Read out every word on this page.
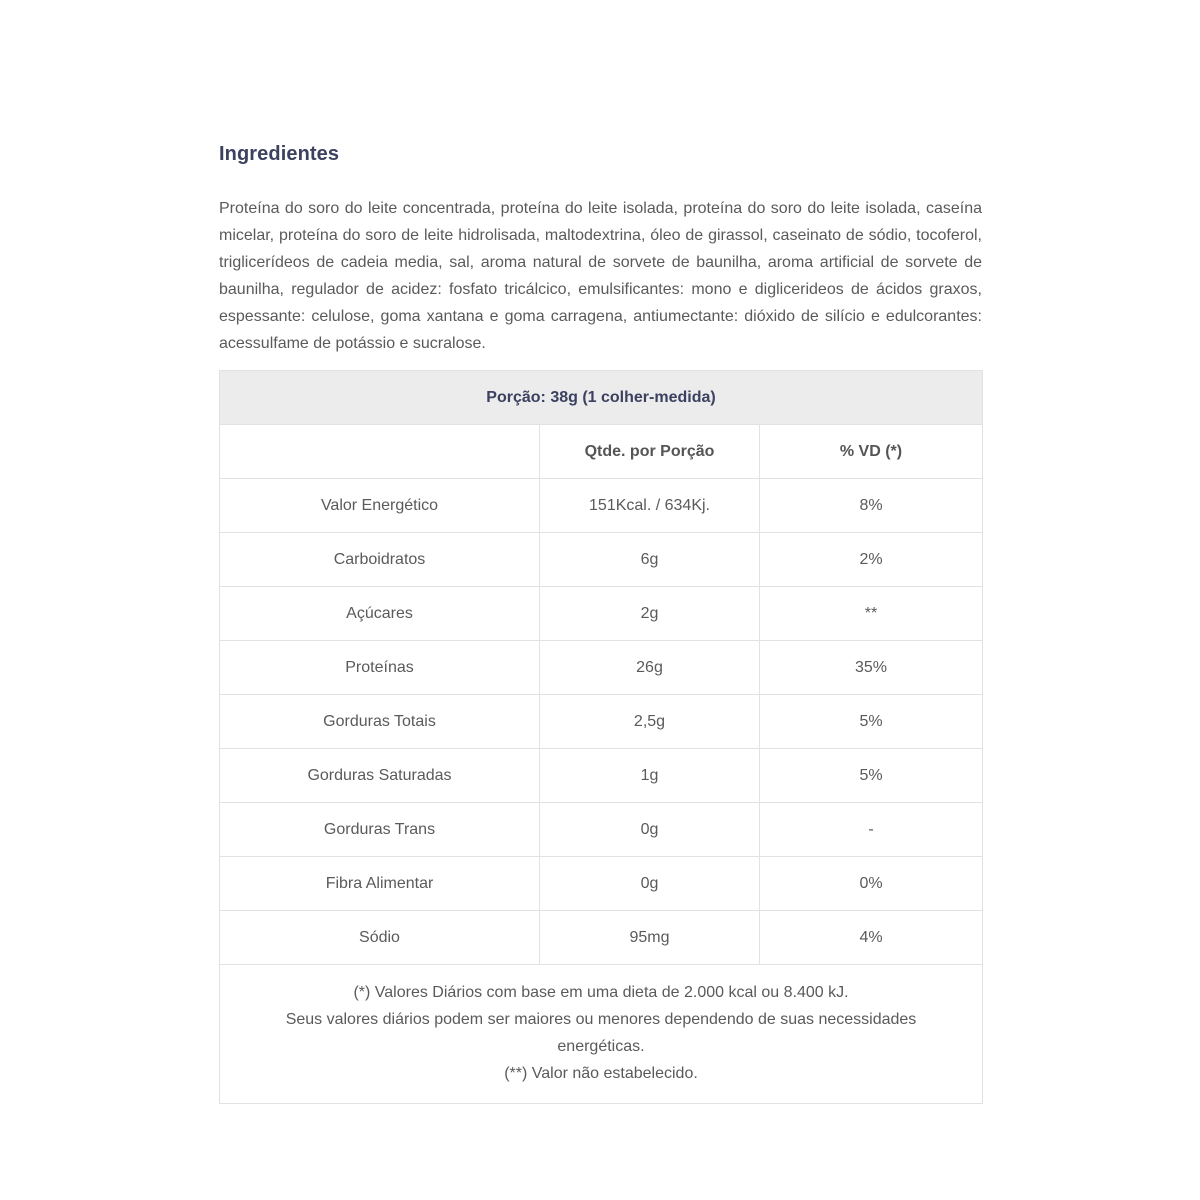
Ingredientes

Proteína do soro do leite concentrada, proteína do leite isolada, proteína do soro do leite isolada, caseína micelar, proteína do soro de leite hidrolisada, maltodextrina, óleo de girassol, caseinato de sódio, tocoferol, triglicerídeos de cadeia media, sal, aroma natural de sorvete de baunilha, aroma artificial de sorvete de baunilha, regulador de acidez: fosfato tricálcico, emulsificantes: mono e diglicerideos de ácidos graxos, espessante: celulose, goma xantana e goma carragena, antiumectante: dióxido de silício e edulcorantes: acessulfame de potássio e sucralose.

Porção: 38g (1 colher-medida)		
	Qtde. por Porção	% VD (*)
Valor Energético	151Kcal. / 634Kj.	8%
Carboidratos	6g	2%
Açúcares	2g	**
Proteínas	26g	35%
Gorduras Totais	2,5g	5%
Gorduras Saturadas	1g	5%
Gorduras Trans	0g	-
Fibra Alimentar	0g	0%
Sódio	95mg	4%

(*) Valores Diários com base em uma dieta de 2.000 kcal ou 8.400 kJ.
Seus valores diários podem ser maiores ou menores dependendo de suas necessidades energéticas.
(**) Valor não estabelecido.		
